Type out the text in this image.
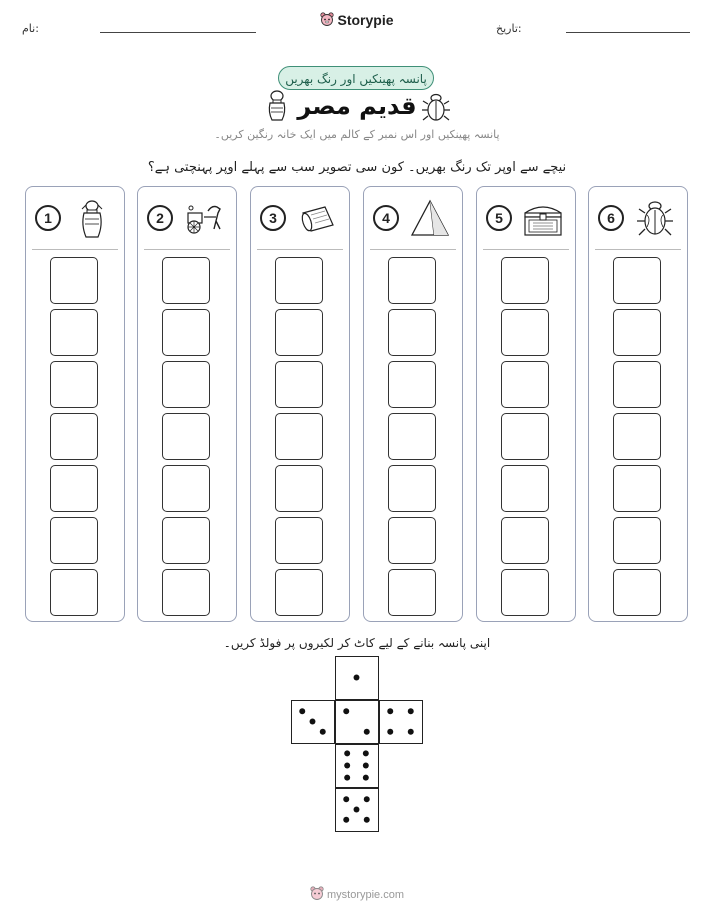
نام:
Storypie
تاریخ:
پانسہ پھینکیں اور رنگ بھریں
قدیم مصر
پانسہ پھینکیں اور اس نمبر کے کالم میں ایک خانہ رنگین کریں۔
نیچے سے اوپر تک رنگ بھریں۔ کون سی تصویر سب سے پہلے اوپر پہنچتی ہے؟
1	2	3	4	5	6
اپنی پانسہ بنانے کے لیے کاٹ کر لکیروں پر فولڈ کریں۔
mystorypie.com
